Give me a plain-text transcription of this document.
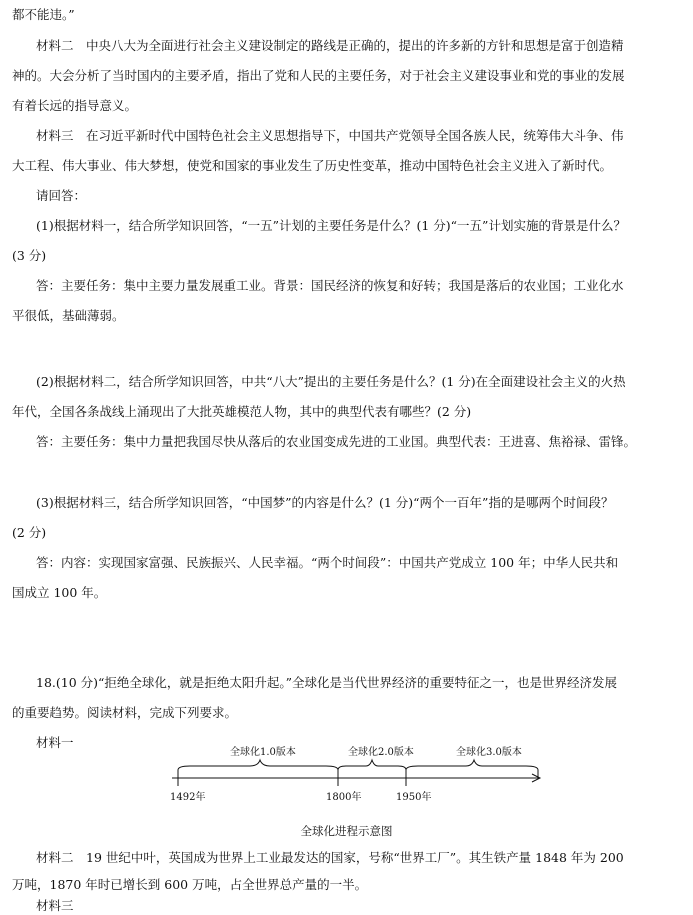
都不能违。”
材料二　中央八大为全面进行社会主义建设制定的路线是正确的，提出的许多新的方针和思想是富于创造精
神的。大会分析了当时国内的主要矛盾，指出了党和人民的主要任务，对于社会主义建设事业和党的事业的发展
有着长远的指导意义。
材料三　在习近平新时代中国特色社会主义思想指导下，中国共产党领导全国各族人民，统筹伟大斗争、伟
大工程、伟大事业、伟大梦想，使党和国家的事业发生了历史性变革，推动中国特色社会主义进入了新时代。
请回答：
(1)根据材料一，结合所学知识回答，“一五”计划的主要任务是什么？(1 分)“一五”计划实施的背景是什么？
(3 分)
答：主要任务：集中主要力量发展重工业。背景：国民经济的恢复和好转；我国是落后的农业国；工业化水
平很低，基础薄弱。
(2)根据材料二，结合所学知识回答，中共“八大”提出的主要任务是什么？(1 分)在全面建设社会主义的火热
年代，全国各条战线上涌现出了大批英雄模范人物，其中的典型代表有哪些？(2 分)
答：主要任务：集中力量把我国尽快从落后的农业国变成先进的工业国。典型代表：王进喜、焦裕禄、雷锋。
(3)根据材料三，结合所学知识回答，“中国梦”的内容是什么？(1 分)“两个一百年”指的是哪两个时间段？
(2 分)
答：内容：实现国家富强、民族振兴、人民幸福。“两个时间段”：中国共产党成立 100 年；中华人民共和
国成立 100 年。
18.(10 分)“拒绝全球化，就是拒绝太阳升起。”全球化是当代世界经济的重要特征之一，也是世界经济发展
的重要趋势。阅读材料，完成下列要求。
材料一
全球化1.0版本	全球化2.0版本	全球化3.0版本
1492年	1800年	1950年
全球化进程示意图
材料二　19 世纪中叶，英国成为世界上工业最发达的国家，号称“世界工厂”。其生铁产量 1848 年为 200
万吨，1870 年时已增长到 600 万吨，占全世界总产量的一半。
材料三
